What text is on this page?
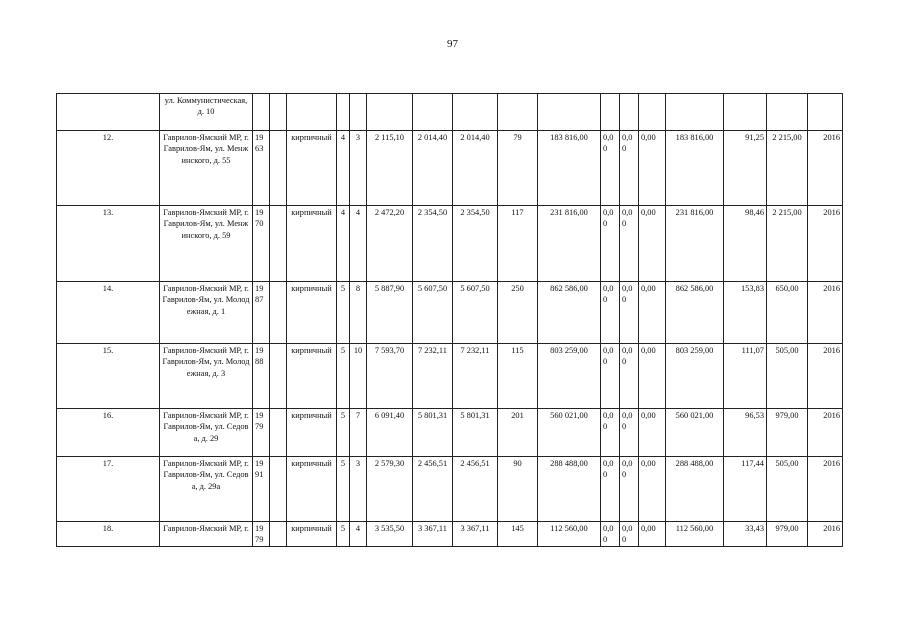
97
	ул. Коммунистическая, д. 10																	
12.	Гаврилов-Ямский МР, г. Гаврилов-Ям, ул. Менжинского, д. 55	1963		кирпичный	4	3	2 115,10	2 014,40	2 014,40	79	183 816,00	0,00	0,00	0,00	183 816,00	91,25	2 215,00	2016
13.	Гаврилов-Ямский МР, г. Гаврилов-Ям, ул. Менжинского, д. 59	1970		кирпичный	4	4	2 472,20	2 354,50	2 354,50	117	231 816,00	0,00	0,00	0,00	231 816,00	98,46	2 215,00	2016
14.	Гаврилов-Ямский МР, г. Гаврилов-Ям, ул. Молодежная, д. 1	1987		кирпичный	5	8	5 887,90	5 607,50	5 607,50	250	862 586,00	0,00	0,00	0,00	862 586,00	153,83	650,00	2016
15.	Гаврилов-Ямский МР, г. Гаврилов-Ям, ул. Молодежная, д. 3	1988		кирпичный	5	10	7 593,70	7 232,11	7 232,11	115	803 259,00	0,00	0,00	0,00	803 259,00	111,07	505,00	2016
16.	Гаврилов-Ямский МР, г. Гаврилов-Ям, ул. Седова, д. 29	1979		кирпичный	5	7	6 091,40	5 801,31	5 801,31	201	560 021,00	0,00	0,00	0,00	560 021,00	96,53	979,00	2016
17.	Гаврилов-Ямский МР, г. Гаврилов-Ям, ул. Седова, д. 29а	1991		кирпичный	5	3	2 579,30	2 456,51	2 456,51	90	288 488,00	0,00	0,00	0,00	288 488,00	117,44	505,00	2016
18.	Гаврилов-Ямский МР, г.	1979		кирпичный	5	4	3 535,50	3 367,11	3 367,11	145	112 560,00	0,00	0,00	0,00	112 560,00	33,43	979,00	2016
